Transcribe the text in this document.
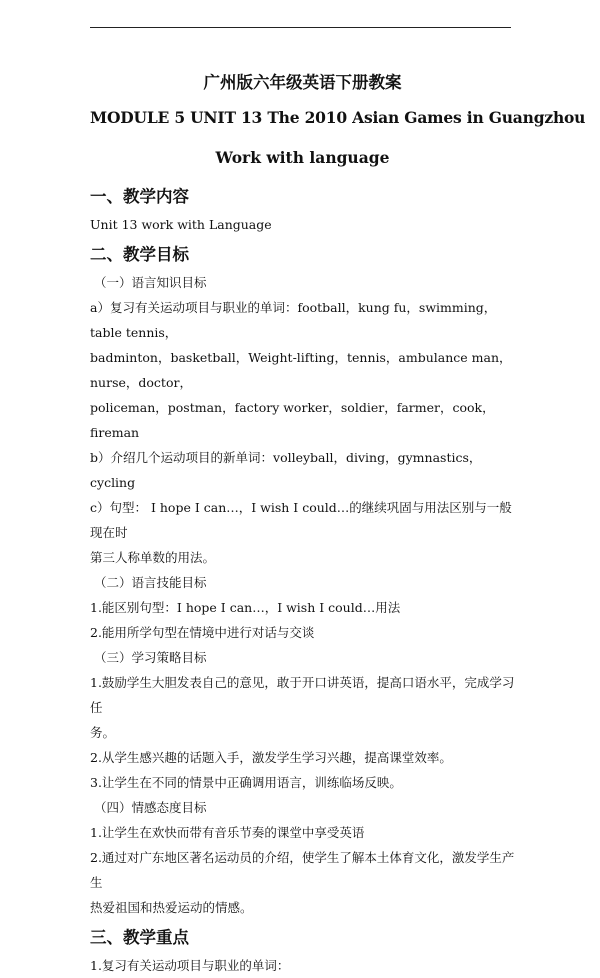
广州版六年级英语下册教案

MODULE 5 UNIT 13 The 2010 Asian Games in Guangzhou

Work with language

一、教学内容

Unit 13 work with Language

二、教学目标

（一）语言知识目标

a）复习有关运动项目与职业的单词：football，kung fu，swimming，table tennis，

badminton，basketball，Weight-lifting，tennis，ambulance man，nurse，doctor，

policeman，postman，factory worker，soldier，farmer，cook，fireman

b）介绍几个运动项目的新单词：volleyball，diving，gymnastics，cycling

c）句型： I hope I can…，I wish I could…的继续巩固与用法区别与一般现在时

第三人称单数的用法。

（二）语言技能目标

1.能区别句型：I hope I can…，I wish I could…用法

2.能用所学句型在情境中进行对话与交谈

（三）学习策略目标

1.鼓励学生大胆发表自己的意见，敢于开口讲英语，提高口语水平，完成学习任

务。

2.从学生感兴趣的话题入手，激发学生学习兴趣，提高课堂效率。

3.让学生在不同的情景中正确调用语言，训练临场反映。

（四）情感态度目标

1.让学生在欢快而带有音乐节奏的课堂中享受英语

2.通过对广东地区著名运动员的介绍，使学生了解本土体育文化，激发学生产生

热爱祖国和热爱运动的情感。

三、教学重点

1.复习有关运动项目与职业的单词：
